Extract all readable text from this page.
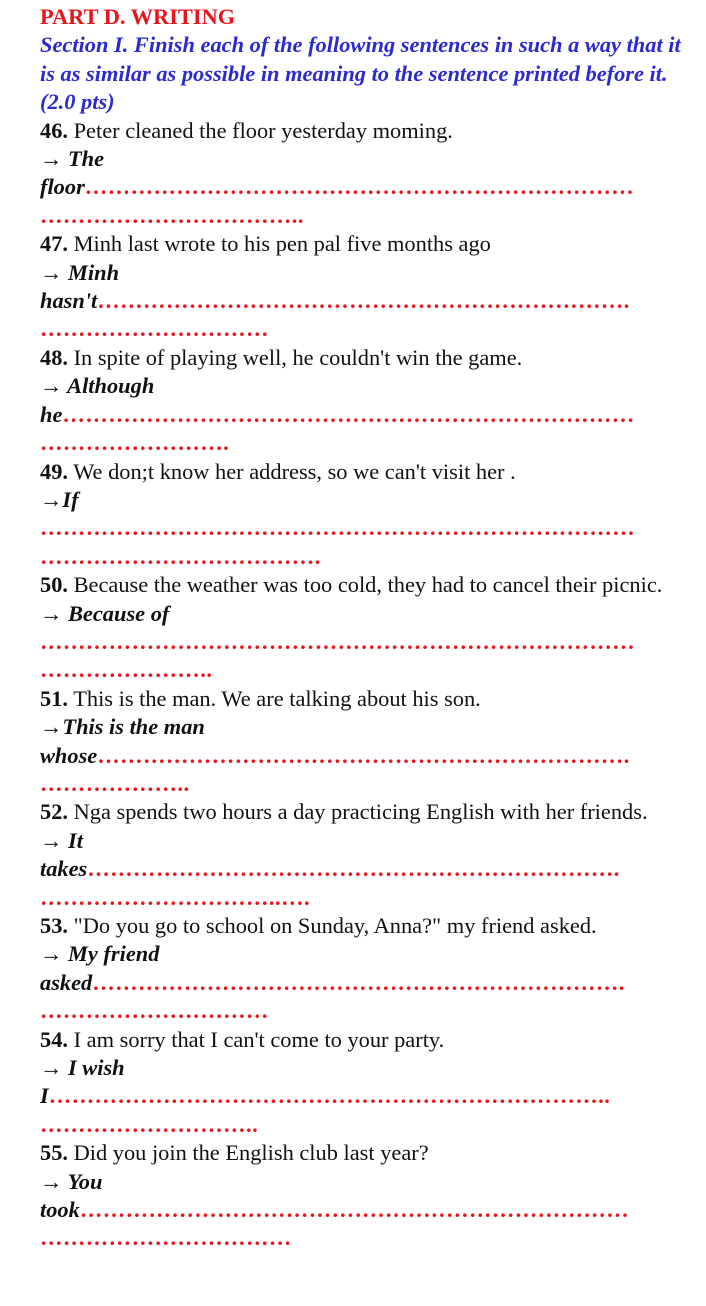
PART D. WRITING

Section I. Finish each of the following sentences in such a way that it is as similar as possible in meaning to the sentence printed before it. (2.0 pts)

46. Peter cleaned the floor yesterday moming.

→ The

floor………………………………………………………………

……………………………..

47. Minh last wrote to his pen pal five months ago

→ Minh

hasn't…………………………………………………………….

…………………………

48. In spite of playing well, he couldn't win the game.

→ Although

he…………………………………………………………………

…………………….

49. We don;t know her address, so we can't visit her .

→If

……………………………………………………………………

……………………………….

50. Because the weather was too cold, they had to cancel their picnic.

→ Because of

……………………………………………………………………

…………………..

51. This is the man. We are talking about his son.

→This is the man

whose…………………………………………………………….

………………..

52. Nga spends two hours a day practicing English with her friends.

→ It

takes…………………………………………………………….

…………………………..….

53. "Do you go to school on Sunday, Anna?" my friend asked.

→ My friend

asked…………………………………………………………….

…………………………

54. I am sorry that I can't come to your party.

→ I wish

I………………………………………………………………..

………………………..

55. Did you join the English club last year?

→ You

took………………………………………………………………

……………………………
